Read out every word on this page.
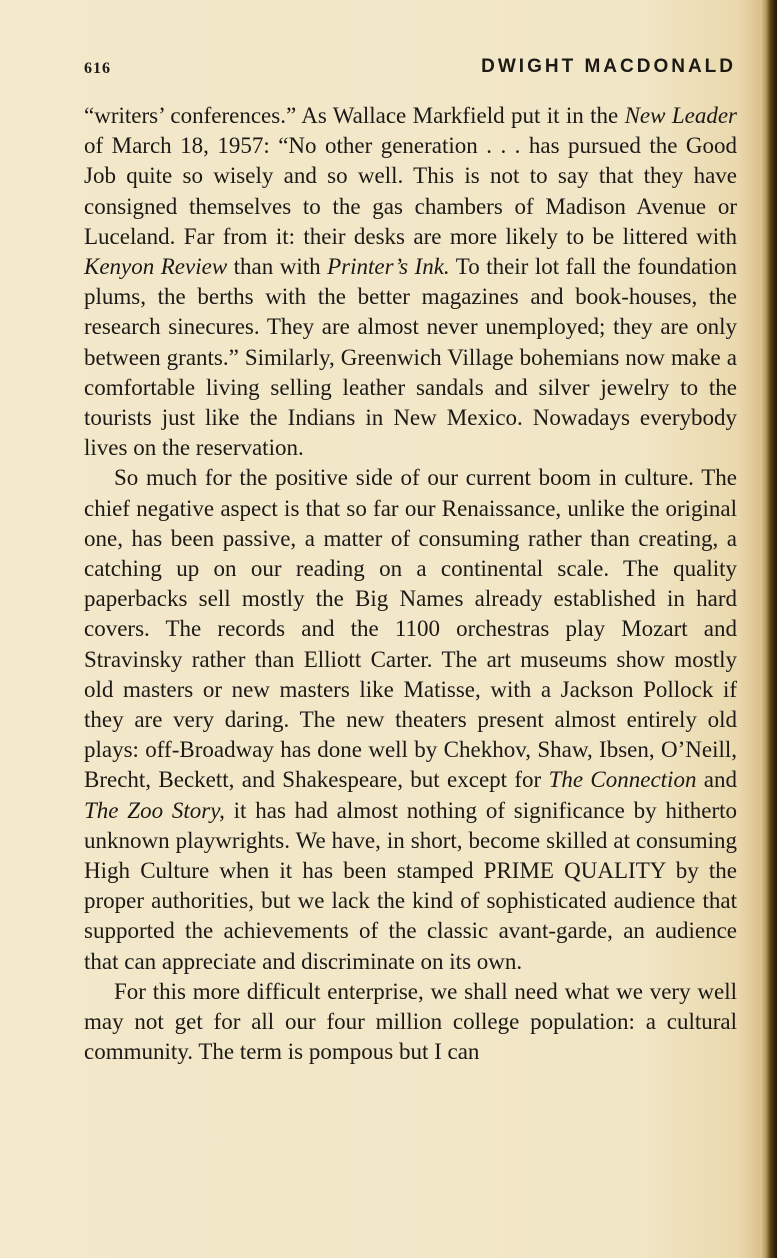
616	DWIGHT MACDONALD

“writers’ conferences.” As Wallace Markfield put it in the New Leader of March 18, 1957: “No other generation . . . has pursued the Good Job quite so wisely and so well. This is not to say that they have consigned themselves to the gas chambers of Madison Avenue or Luceland. Far from it: their desks are more likely to be littered with Kenyon Review than with Printer’s Ink. To their lot fall the foundation plums, the berths with the better magazines and book-houses, the research sinecures. They are almost never unemployed; they are only between grants.” Similarly, Greenwich Village bohemians now make a comfortable living selling leather sandals and silver jewelry to the tourists just like the Indians in New Mexico. Nowadays everybody lives on the reservation.

So much for the positive side of our current boom in culture. The chief negative aspect is that so far our Renaissance, unlike the original one, has been passive, a matter of consuming rather than creating, a catching up on our reading on a continental scale. The quality paperbacks sell mostly the Big Names already established in hard covers. The records and the 1100 orchestras play Mozart and Stravinsky rather than Elliott Carter. The art museums show mostly old masters or new masters like Matisse, with a Jackson Pollock if they are very daring. The new theaters present almost entirely old plays: off-Broadway has done well by Chekhov, Shaw, Ibsen, O’Neill, Brecht, Beckett, and Shakespeare, but except for The Connection and The Zoo Story, it has had almost nothing of significance by hitherto unknown playwrights. We have, in short, become skilled at consuming High Culture when it has been stamped PRIME QUALITY by the proper authorities, but we lack the kind of sophisticated audience that supported the achievements of the classic avant-garde, an audience that can appreciate and discriminate on its own.

For this more difficult enterprise, we shall need what we very well may not get for all our four million college population: a cultural community. The term is pompous but I can
